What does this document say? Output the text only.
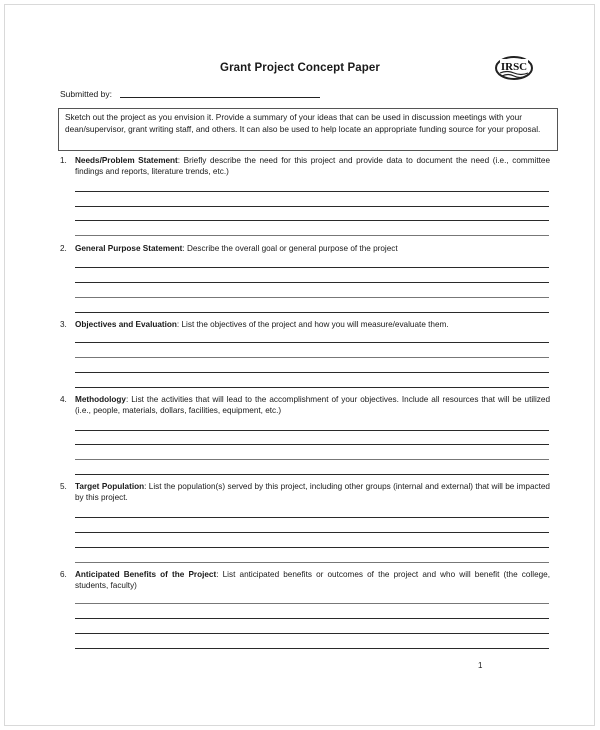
Grant Project Concept Paper	IRSC
Submitted by:
Sketch out the project as you envision it. Provide a summary of your ideas that can be used in discussion meetings with your dean/supervisor, grant writing staff, and others. It can also be used to help locate an appropriate funding source for your proposal.
1. Needs/Problem Statement: Briefly describe the need for this project and provide data to document the need (i.e., committee findings and reports, literature trends, etc.)
2. General Purpose Statement: Describe the overall goal or general purpose of the project
3. Objectives and Evaluation: List the objectives of the project and how you will measure/evaluate them.
4. Methodology: List the activities that will lead to the accomplishment of your objectives. Include all resources that will be utilized (i.e., people, materials, dollars, facilities, equipment, etc.)
5. Target Population: List the population(s) served by this project, including other groups (internal and external) that will be impacted by this project.
6. Anticipated Benefits of the Project: List anticipated benefits or outcomes of the project and who will benefit (the college, students, faculty)
1
